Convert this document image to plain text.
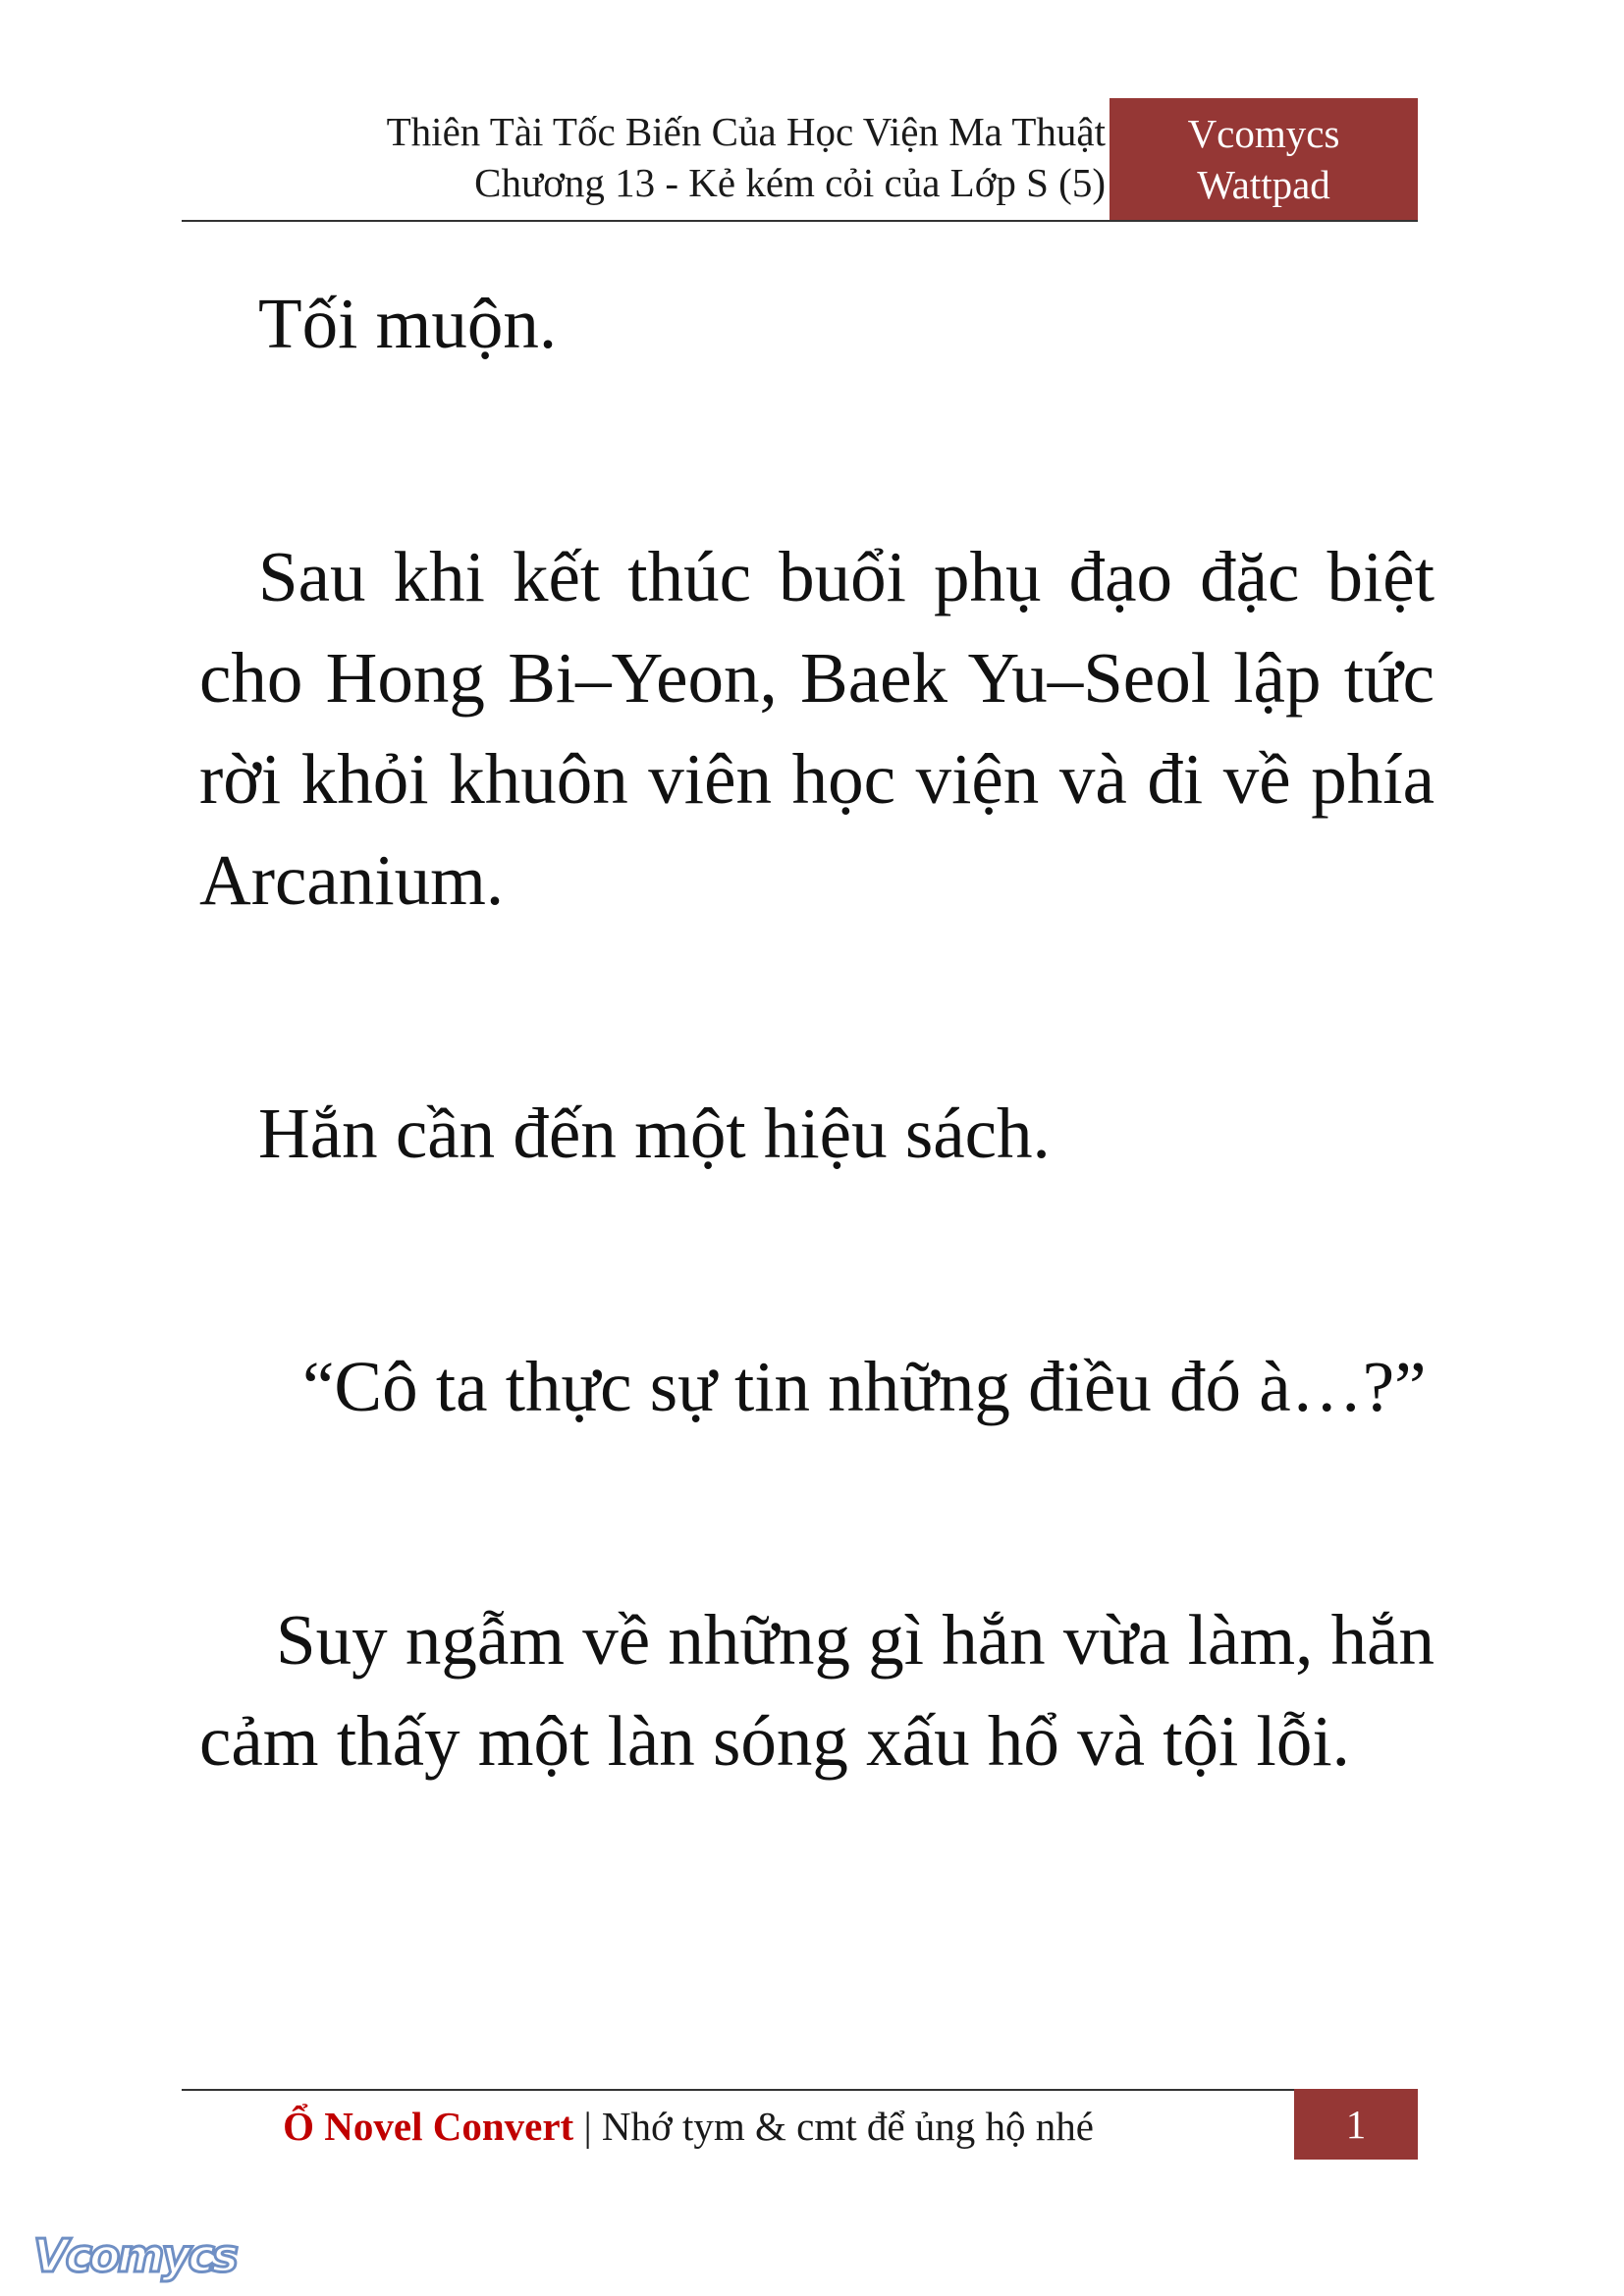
Thiên Tài Tốc Biến Của Học Viện Ma Thuật
Chương 13 - Kẻ kém cỏi của Lớp S (5)
Vcomycs
Wattpad

Tối muộn.

Sau khi kết thúc buổi phụ đạo đặc biệt cho Hong Bi–Yeon, Baek Yu–Seol lập tức rời khỏi khuôn viên học viện và đi về phía Arcanium.

Hắn cần đến một hiệu sách.

“Cô ta thực sự tin những điều đó à…?”

Suy ngẫm về những gì hắn vừa làm, hắn cảm thấy một làn sóng xấu hổ và tội lỗi.

Ổ Novel Convert | Nhớ tym & cmt để ủng hộ nhé	1
Vcomycs
